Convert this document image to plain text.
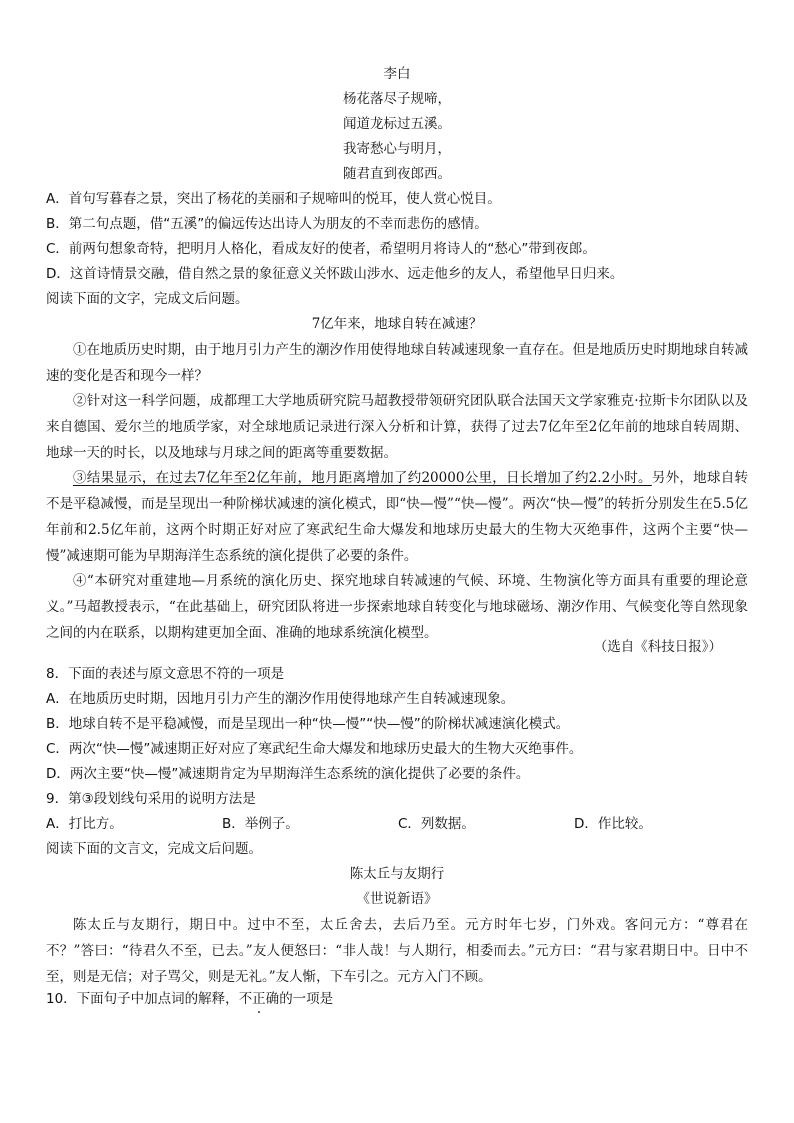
李白
杨花落尽子规啼，
闻道龙标过五溪。
我寄愁心与明月，
随君直到夜郎西。
A．首句写暮春之景，突出了杨花的美丽和子规啼叫的悦耳，使人赏心悦目。
B．第二句点题，借“五溪”的偏远传达出诗人为朋友的不幸而悲伤的感情。
C．前两句想象奇特，把明月人格化，看成友好的使者，希望明月将诗人的“愁心”带到夜郎。
D．这首诗情景交融，借自然之景的象征意义关怀跋山涉水、远走他乡的友人，希望他早日归来。
阅读下面的文字，完成文后问题。
7亿年来，地球自转在减速？
①在地质历史时期，由于地月引力产生的潮汐作用使得地球自转减速现象一直存在。但是地质历史时期地球自转减速的变化是否和现今一样？
②针对这一科学问题，成都理工大学地质研究院马超教授带领研究团队联合法国天文学家雅克·拉斯卡尔团队以及来自德国、爱尔兰的地质学家，对全球地质记录进行深入分析和计算，获得了过去7亿年至2亿年前的地球自转周期、地球一天的时长，以及地球与月球之间的距离等重要数据。
③结果显示，在过去7亿年至2亿年前，地月距离增加了约20000公里，日长增加了约2.2小时。另外，地球自转不是平稳减慢，而是呈现出一种阶梯状减速的演化模式，即“快—慢”“快—慢”。两次“快—慢”的转折分别发生在5.5亿年前和2.5亿年前，这两个时期正好对应了寒武纪生命大爆发和地球历史最大的生物大灭绝事件，这两个主要“快—慢”减速期可能为早期海洋生态系统的演化提供了必要的条件。
④“本研究对重建地—月系统的演化历史、探究地球自转减速的气候、环境、生物演化等方面具有重要的理论意义。”马超教授表示，“在此基础上，研究团队将进一步探索地球自转变化与地球磁场、潮汐作用、气候变化等自然现象之间的内在联系，以期构建更加全面、准确的地球系统演化模型。
（选自《科技日报》）
8．下面的表述与原文意思不符的一项是
A．在地质历史时期，因地月引力产生的潮汐作用使得地球产生自转减速现象。
B．地球自转不是平稳减慢，而是呈现出一种“快—慢”“快—慢”的阶梯状减速演化模式。
C．两次“快—慢”减速期正好对应了寒武纪生命大爆发和地球历史最大的生物大灭绝事件。
D．两次主要“快—慢”减速期肯定为早期海洋生态系统的演化提供了必要的条件。
9．第③段划线句采用的说明方法是
A．打比方。	B．举例子。	C．列数据。	D．作比较。
阅读下面的文言文，完成文后问题。
陈太丘与友期行
《世说新语》
陈太丘与友期行，期日中。过中不至，太丘舍去，去后乃至。元方时年七岁，门外戏。客问元方：“尊君在不？”答曰：“待君久不至，已去。”友人便怒曰：“非人哉！与人期行，相委而去。”元方曰：“君与家君期日中。日中不至，则是无信；对子骂父，则是无礼。”友人惭，下车引之。元方入门不顾。
10．下面句子中加点词的解释，不正确的一项是
